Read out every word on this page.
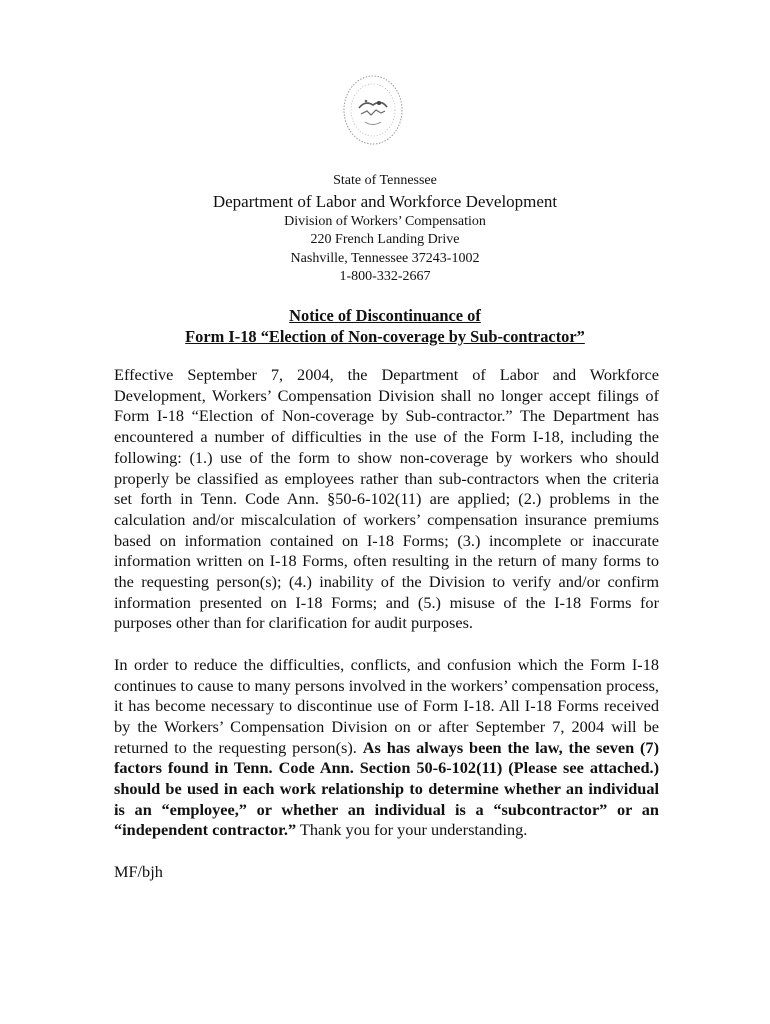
State of Tennessee
Department of Labor and Workforce Development
Division of Workers’ Compensation
220 French Landing Drive
Nashville, Tennessee 37243-1002
1-800-332-2667
Notice of Discontinuance of
Form I-18 “Election of Non-coverage by Sub-contractor”

Effective September 7, 2004, the Department of Labor and Workforce Development, Workers’ Compensation Division shall no longer accept filings of Form I-18 “Election of Non-coverage by Sub-contractor.” The Department has encountered a number of difficulties in the use of the Form I-18, including the following: (1.) use of the form to show non-coverage by workers who should properly be classified as employees rather than sub-contractors when the criteria set forth in Tenn. Code Ann. §50-6-102(11) are applied; (2.) problems in the calculation and/or miscalculation of workers’ compensation insurance premiums based on information contained on I-18 Forms; (3.) incomplete or inaccurate information written on I-18 Forms, often resulting in the return of many forms to the requesting person(s); (4.) inability of the Division to verify and/or confirm information presented on I-18 Forms; and (5.) misuse of the I-18 Forms for purposes other than for clarification for audit purposes.

In order to reduce the difficulties, conflicts, and confusion which the Form I-18 continues to cause to many persons involved in the workers’ compensation process, it has become necessary to discontinue use of Form I-18. All I-18 Forms received by the Workers’ Compensation Division on or after September 7, 2004 will be returned to the requesting person(s). As has always been the law, the seven (7) factors found in Tenn. Code Ann. Section 50-6-102(11) (Please see attached.) should be used in each work relationship to determine whether an individual is an “employee,” or whether an individual is a “subcontractor” or an “independent contractor.” Thank you for your understanding.

MF/bjh
